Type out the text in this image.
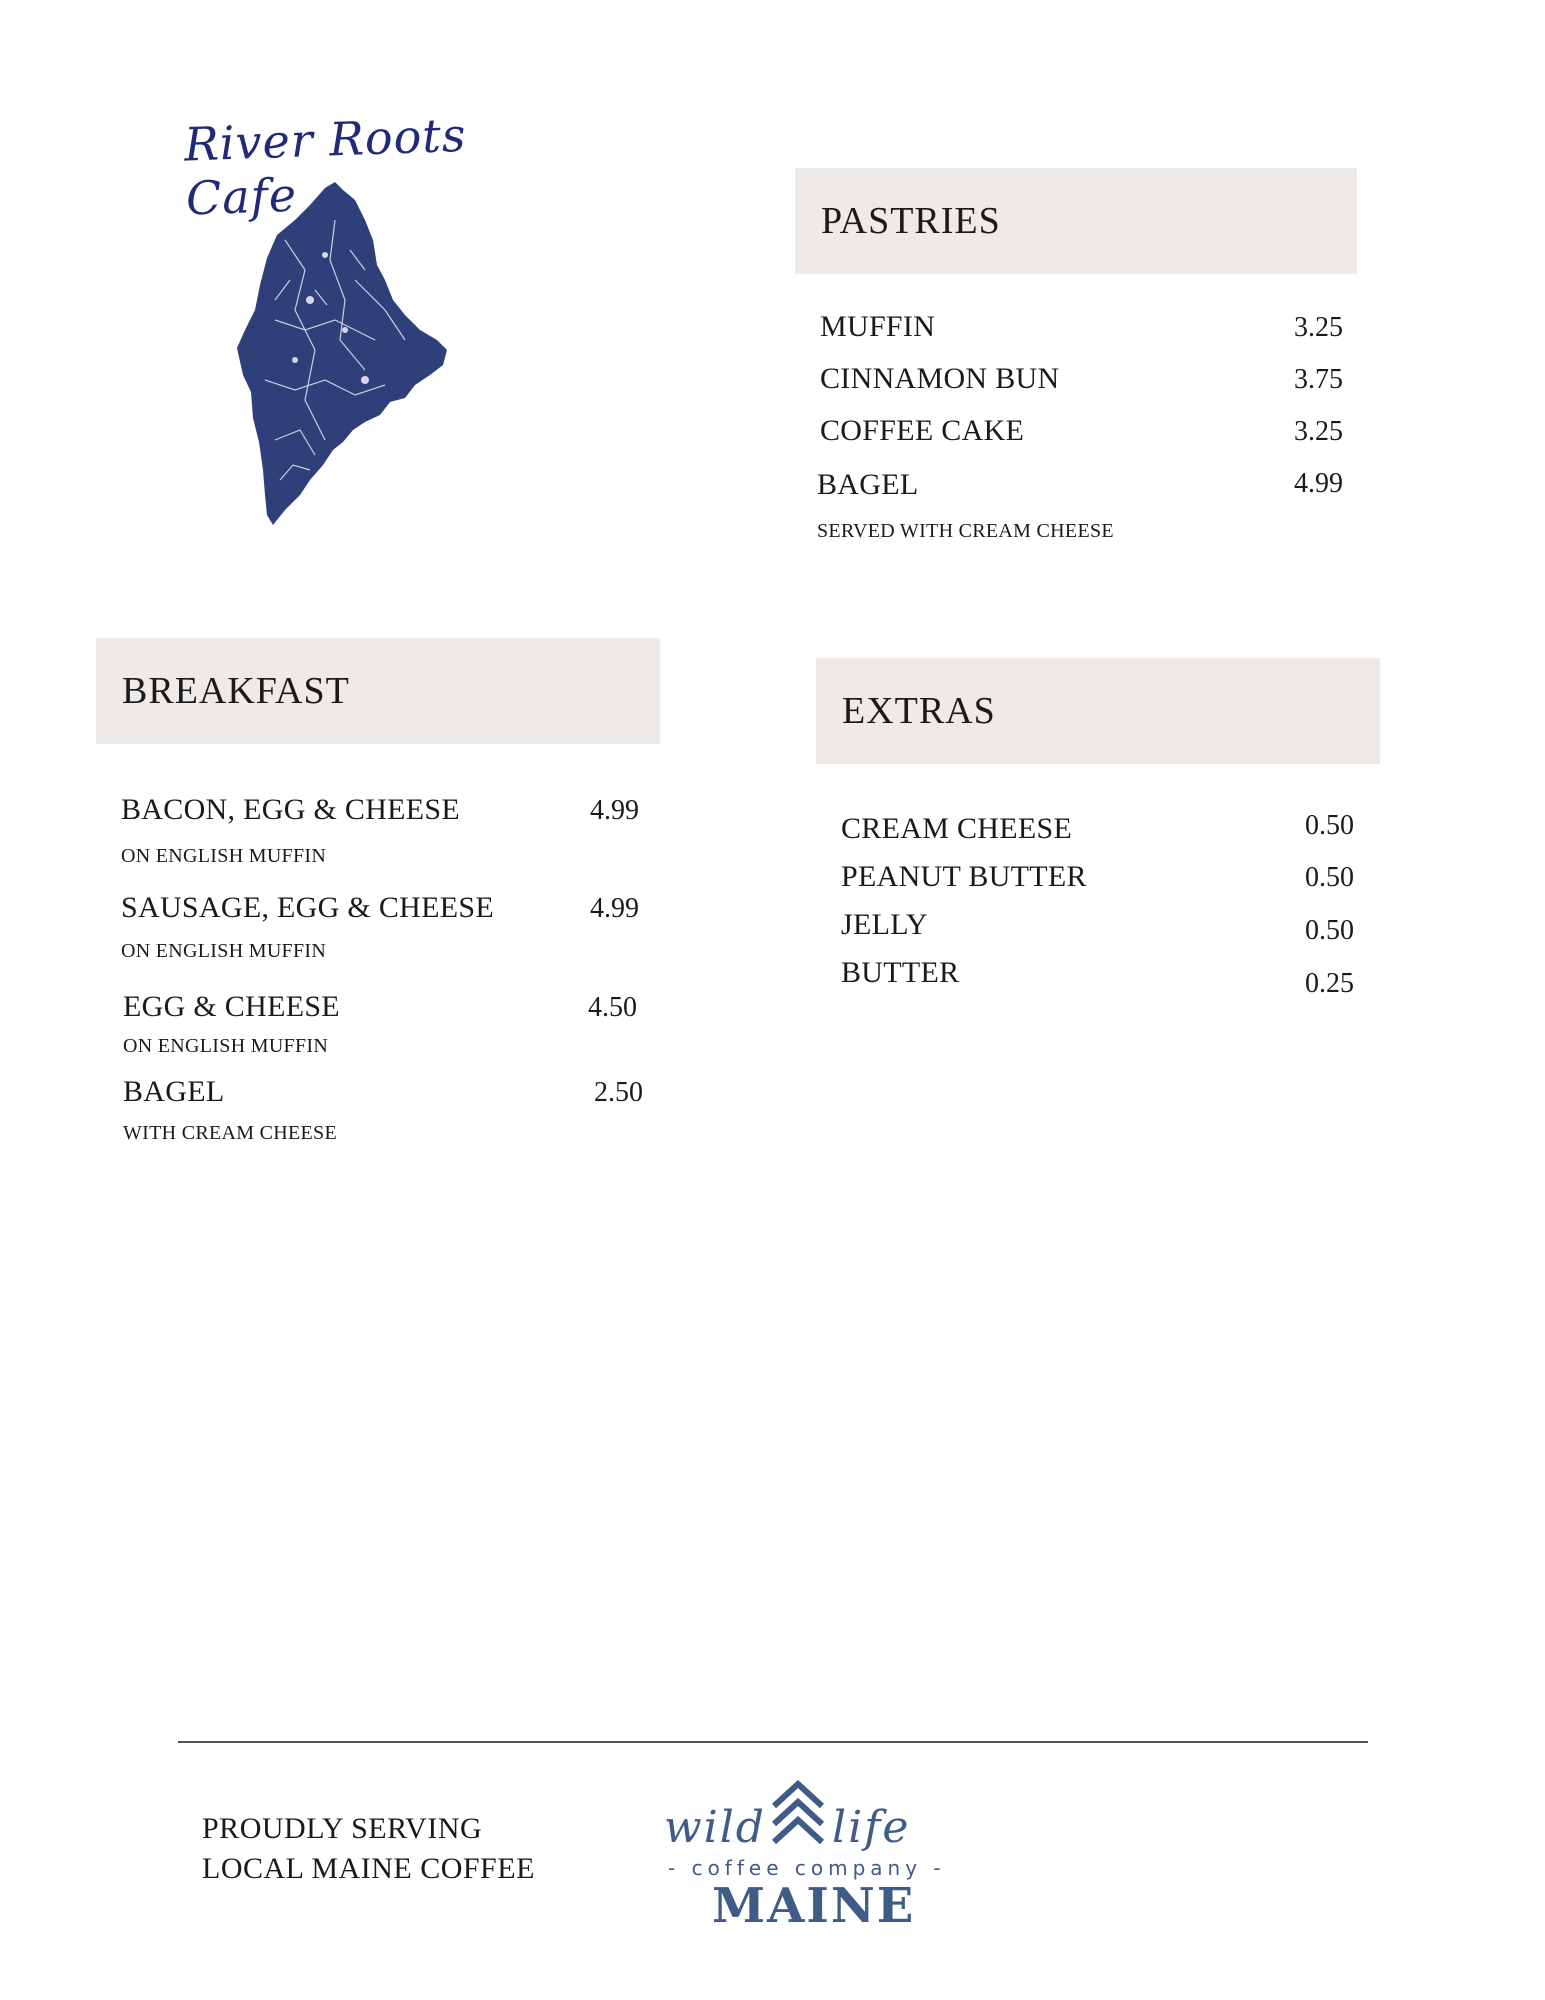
River Roots Cafe	PASTRIES
MUFFIN	3.25
CINNAMON BUN	3.75
COFFEE CAKE	3.25
BAGEL	4.99
SERVED WITH CREAM CHEESE
BREAKFAST
BACON, EGG & CHEESE	4.99
ON ENGLISH MUFFIN
SAUSAGE, EGG & CHEESE	4.99
ON ENGLISH MUFFIN
EGG & CHEESE	4.50
ON ENGLISH MUFFIN
BAGEL	2.50
WITH CREAM CHEESE
EXTRAS
CREAM CHEESE	0.50
PEANUT BUTTER	0.50
JELLY	0.50
BUTTER	0.25
PROUDLY SERVING
LOCAL MAINE COFFEE
wild life
- coffee company -
MAINE
